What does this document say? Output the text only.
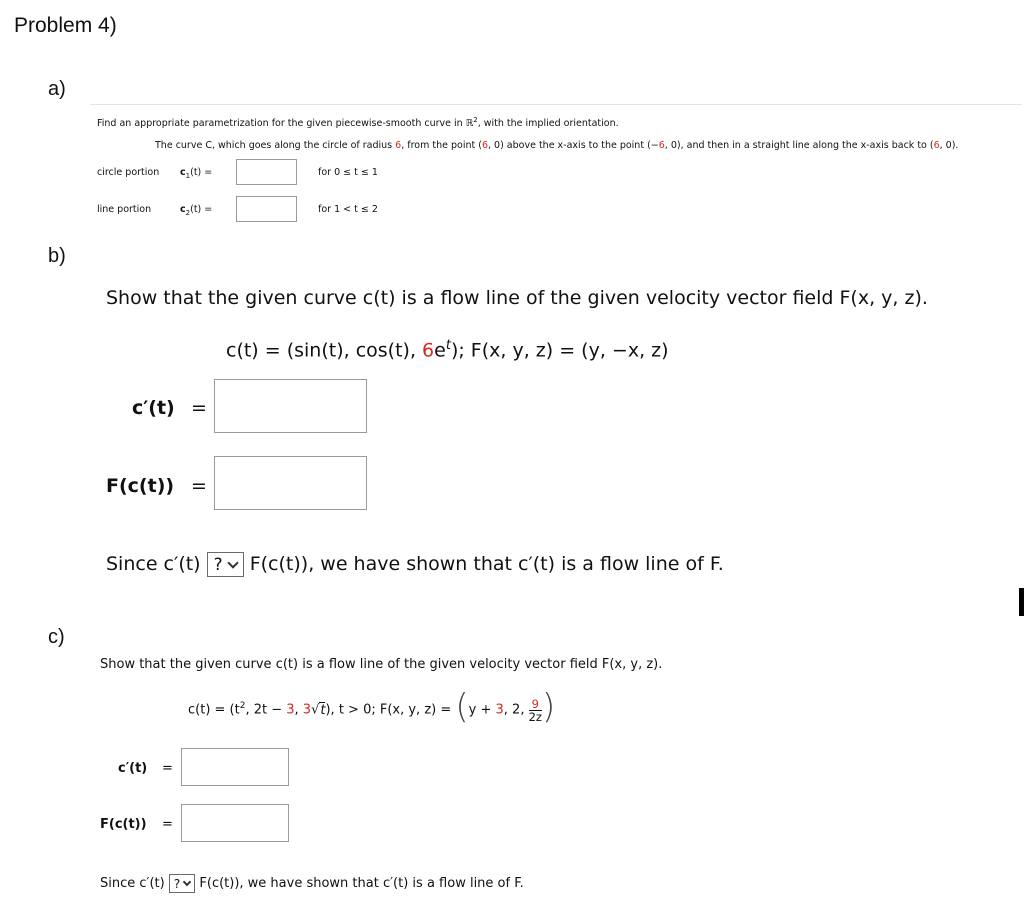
Problem 4)
a)
Find an appropriate parametrization for the given piecewise-smooth curve in ℝ$^2$, with the implied orientation.
The curve C, which goes along the circle of radius 6, from the point (6, 0) above the x-axis to the point (−6, 0), and then in a straight line along the x-axis back to (6, 0).
circle portion $c_1(t)$ =	for 0 ≤ t ≤ 1
line portion	$c_2(t)$ =	for 1 < t ≤ 2
b)
Show that the given curve c(t) is a flow line of the given velocity vector field F(x, y, z).
c(t) = (sin(t), cos(t), $6e^t$); F(x, y, z) = (y, −x, z)
c′(t) =
F(c(t)) =
Since c′(t) ? F(c(t)), we have shown that c′(t) is a flow line of F.
c)
Show that the given curve c(t) is a flow line of the given velocity vector field F(x, y, z).
$c(t) = (t^2$, 2t − 3, 3√t), t > 0; F(x, y, z) = (y + 3, 2, $\frac{9}{2z}$ )
c′(t) =
F(c(t)) =
Since c′(t) ? F(c(t)), we have shown that c′(t) is a flow line of F.
